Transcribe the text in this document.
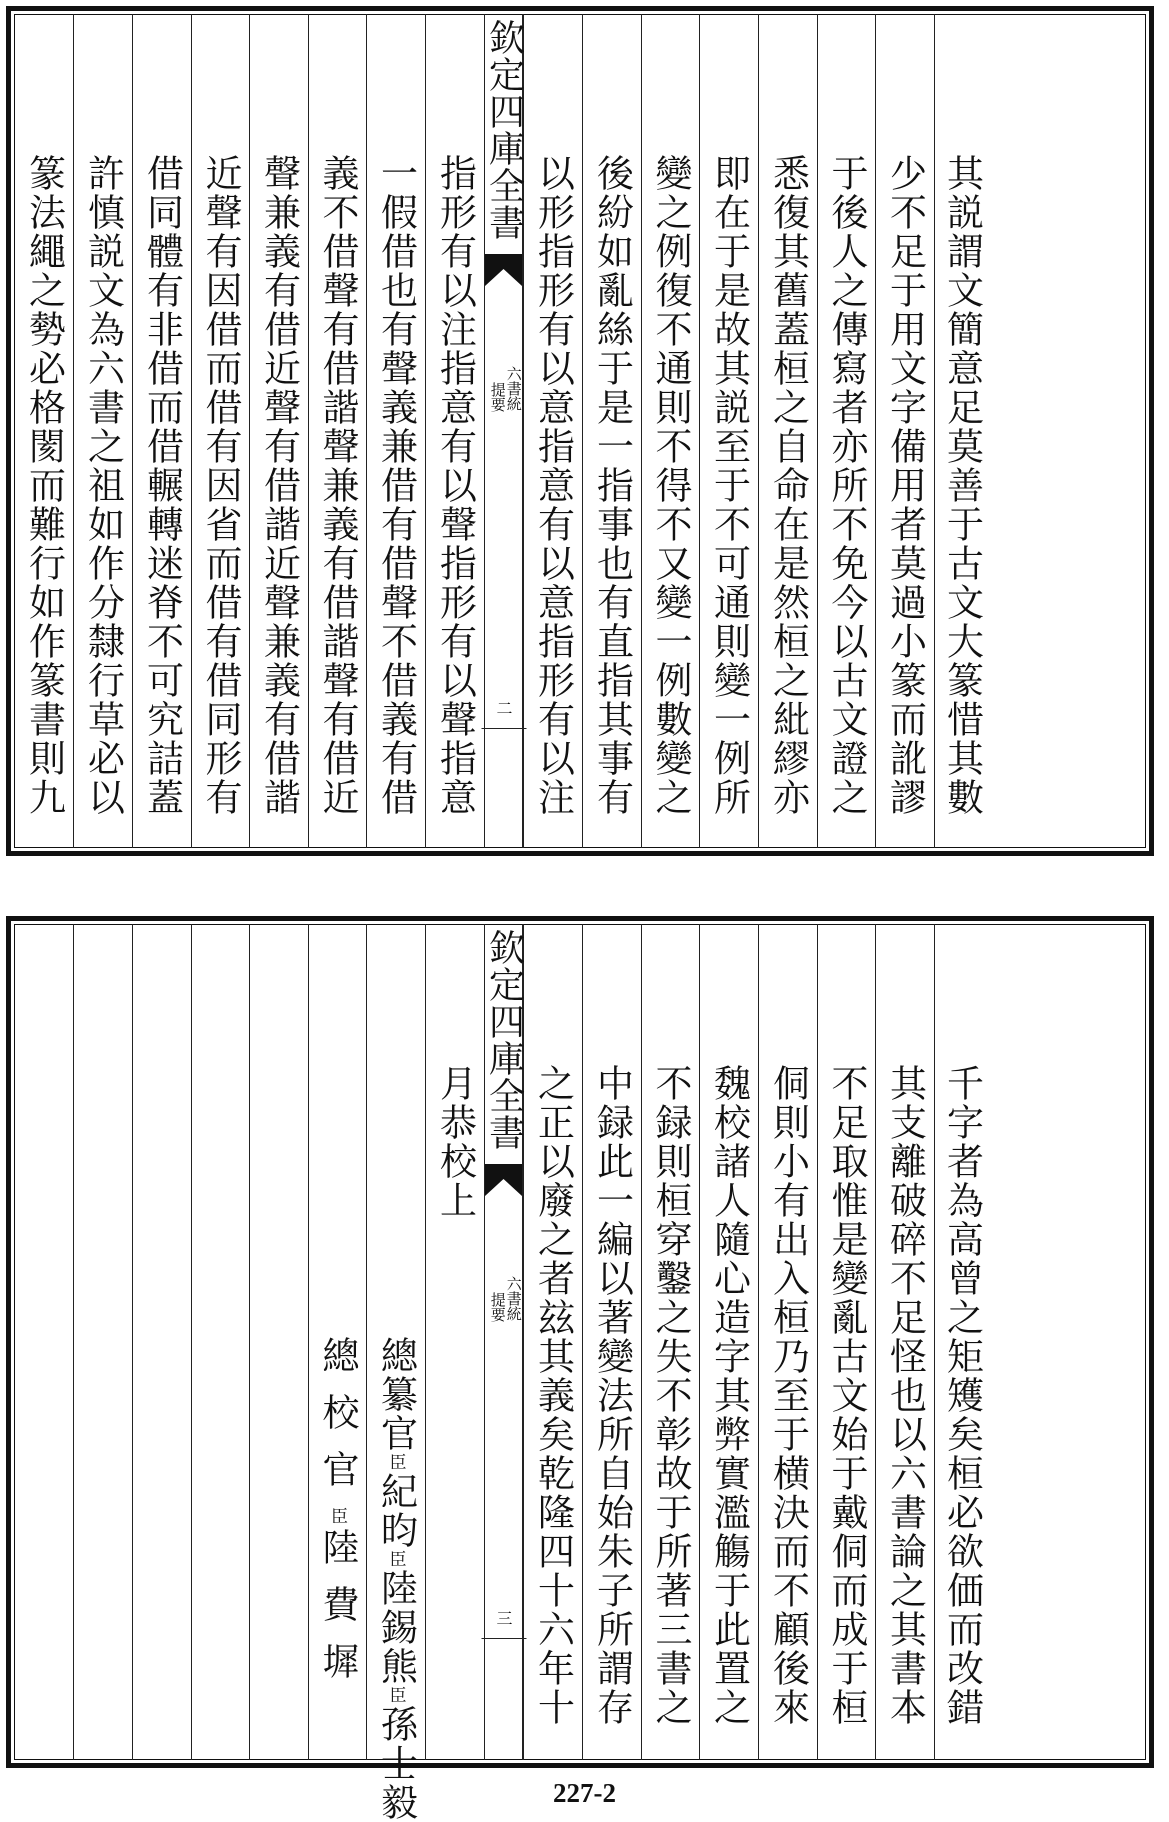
其説謂文簡意足莫善于古文大篆惜其數
少不足于用文字備用者莫過小篆而訛謬
于後人之傳寫者亦所不免今以古文證之
悉復其舊蓋桓之自命在是然桓之紕繆亦
即在于是故其説至于不可通則變一例所
變之例復不通則不得不又變一例數變之
後紛如亂絲于是一指事也有直指其事有
以形指形有以意指意有以意指形有以注
欽定四庫全書
六書統
提要
二
指形有以注指意有以聲指形有以聲指意
一假借也有聲義兼借有借聲不借義有借
義不借聲有借諧聲兼義有借諧聲有借近
聲兼義有借近聲有借諧近聲兼義有借諧
近聲有因借而借有因省而借有借同形有
借同體有非借而借輾轉迷脊不可究詰蓋
許慎説文為六書之祖如作分隸行草必以
篆法繩之勢必格閡而難行如作篆書則九
千字者為高曾之矩矱矣桓必欲価而改錯
其支離破碎不足怪也以六書論之其書本
不足取惟是變亂古文始于戴侗而成于桓
侗則小有出入桓乃至于横決而不顧後來
魏校諸人隨心造字其弊實濫觴于此置之
不録則桓穿鑿之失不彰故于所著三書之
中録此一編以著變法所自始朱子所謂存
之正以廢之者玆其義矣乾隆四十六年十
欽定四庫全書
六書統
提要
三
月恭校上
總纂官臣紀昀臣陸錫熊臣孫士毅
總校官臣陸費墀
227-2
